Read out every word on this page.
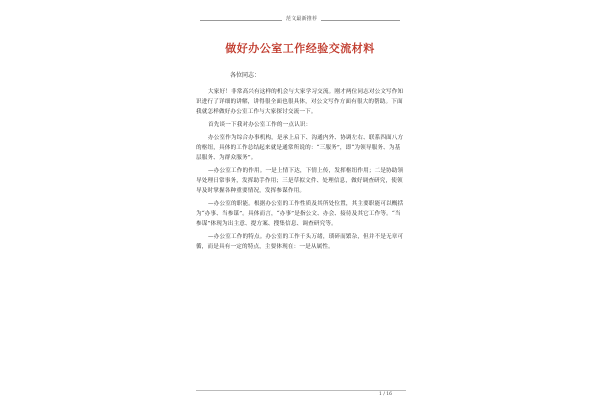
范文最新推荐
做好办公室工作经验交流材料
各位同志：

大家好！非常高兴有这样的机会与大家学习交流。刚才两位同志对公文写作知识进行了详细的讲解，讲得很全面也很具体，对公文写作方面有很大的帮助。下面我就怎样做好办公室工作与大家探讨交流一下。

首先谈一下我对办公室工作的一点认识：

办公室作为综合办事机构，是承上启下、沟通内外、协调左右、联系四面八方的枢纽，具体的工作总结起来就是通常所说的：“三服务”，即“为领导服务、为基层服务、为群众服务”。

—办公室工作的作用。一是上情下达，下情上传，发挥枢纽作用；二是协助领导处理日常事务，发挥助手作用；三是草拟文件、处理信息，做好调查研究，使领导及时掌握各种重要情况，发挥参谋作用。

—办公室的职能。根据办公室的工作性质及其所处位置，其主要职能可以概括为“办事、当参谋”。具体而言，“办事”是指公文、办会、接待及其它工作等。“当参谋”体现为出主意、提方案、搜集信息、调查研究等。

—办公室工作的特点。办公室的工作千头万绪，琐碎而繁杂，但并不是无章可循，而是具有一定的特点，主要体现在：一是从属性。

1 / 16
